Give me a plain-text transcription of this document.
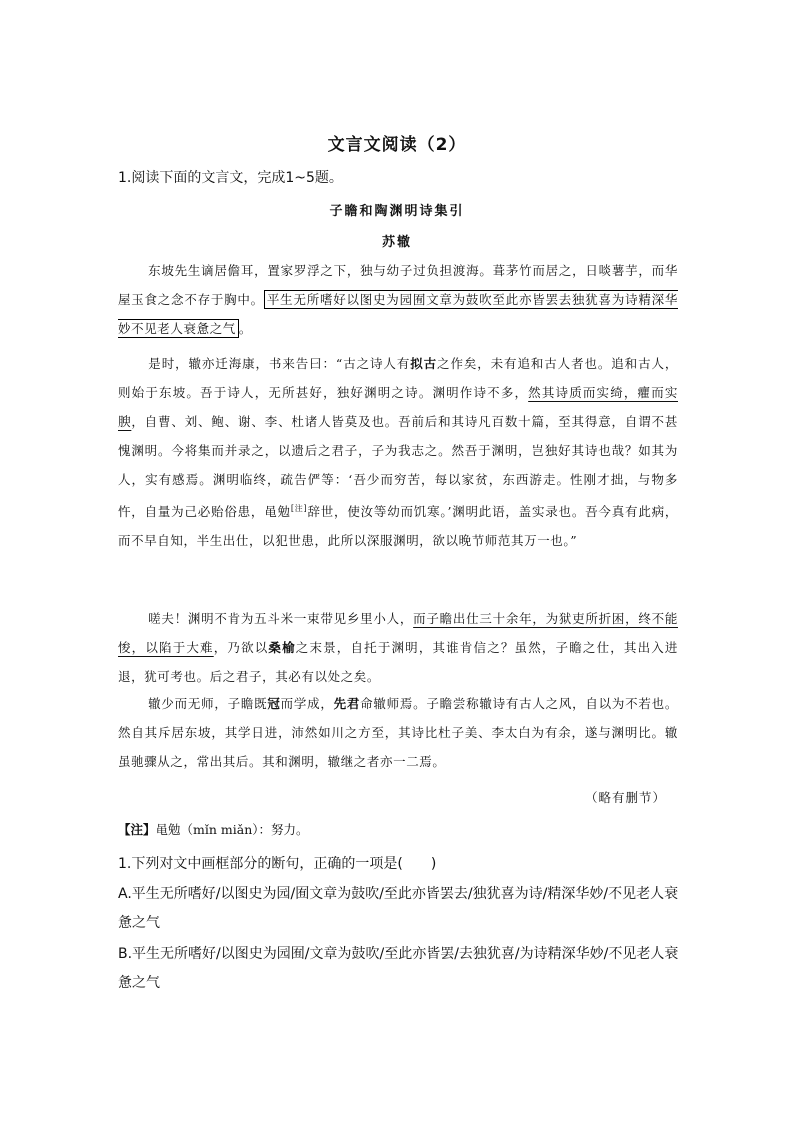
文言文阅读（2）
1.阅读下面的文言文，完成1~5题。
子瞻和陶渊明诗集引
苏辙

东坡先生谪居儋耳，置家罗浮之下，独与幼子过负担渡海。葺茅竹而居之，日啖薯芋，而华屋玉食之念不存于胸中。 平生无所嗜好以图史为园囿文章为鼓吹至此亦皆罢去独犹喜为诗精深华妙不见老人衰惫之气 。

是时，辙亦迁海康，书来告曰：“古之诗人有拟古之作矣，未有追和古人者也。追和古人，则始于东坡。吾于诗人，无所甚好，独好渊明之诗。渊明作诗不多，然其诗质而实绮，癯而实腴，自曹、刘、鲍、谢、李、杜诸人皆莫及也。吾前后和其诗凡百数十篇，至其得意，自谓不甚愧渊明。今将集而并录之，以遗后之君子，子为我志之。然吾于渊明，岂独好其诗也哉？如其为人，实有感焉。渊明临终，疏告俨等：‘吾少而穷苦，每以家贫，东西游走。性刚才拙，与物多忤，自量为己必贻俗患，黾勉[注]辞世，使汝等幼而饥寒。’渊明此语，盖实录也。吾今真有此病，而不早自知，半生出仕，以犯世患，此所以深服渊明，欲以晚节师范其万一也。”

嗟夫！渊明不肯为五斗米一束带见乡里小人，而子瞻出仕三十余年，为狱吏所折困，终不能悛，以陷于大难，乃欲以桑榆之末景，自托于渊明，其谁肯信之？虽然，子瞻之仕，其出入进退，犹可考也。后之君子，其必有以处之矣。

辙少而无师，子瞻既冠而学成，先君命辙师焉。子瞻尝称辙诗有古人之风，自以为不若也。然自其斥居东坡，其学日进，沛然如川之方至，其诗比杜子美、李太白为有余，遂与渊明比。辙虽驰骤从之，常出其后。其和渊明，辙继之者亦一二焉。

（略有删节）
【注】黾勉（mǐn miǎn）：努力。

1.下列对文中画框部分的断句，正确的一项是(　　)

A.平生无所嗜好/以图史为园/囿文章为鼓吹/至此亦皆罢去/独犹喜为诗/精深华妙/不见老人衰惫之气

B.平生无所嗜好/以图史为园囿/文章为鼓吹/至此亦皆罢/去独犹喜/为诗精深华妙/不见老人衰惫之气
